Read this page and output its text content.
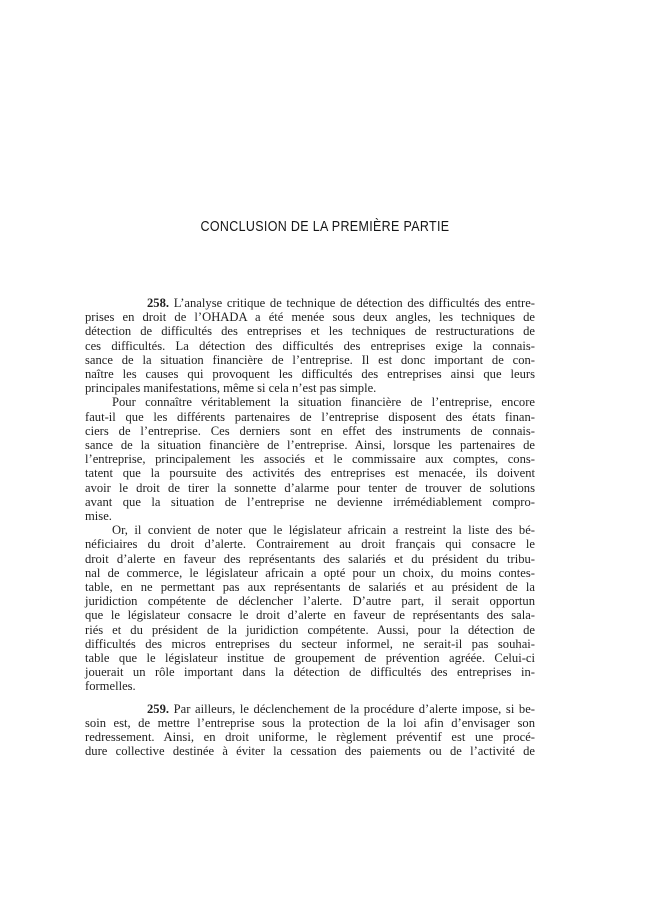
CONCLUSION DE LA PREMIÈRE PARTIE
258. L’analyse critique de technique de détection des difficultés des entre-
prises en droit de l’OHADA a été menée sous deux angles, les techniques de
détection de difficultés des entreprises et les techniques de restructurations de
ces difficultés. La détection des difficultés des entreprises exige la connais-
sance de la situation financière de l’entreprise. Il est donc important de con-
naître les causes qui provoquent les difficultés des entreprises ainsi que leurs
principales manifestations, même si cela n’est pas simple.
Pour connaître véritablement la situation financière de l’entreprise, encore
faut-il que les différents partenaires de l’entreprise disposent des états finan-
ciers de l’entreprise. Ces derniers sont en effet des instruments de connais-
sance de la situation financière de l’entreprise. Ainsi, lorsque les partenaires de
l’entreprise, principalement les associés et le commissaire aux comptes, cons-
tatent que la poursuite des activités des entreprises est menacée, ils doivent
avoir le droit de tirer la sonnette d’alarme pour tenter de trouver de solutions
avant que la situation de l’entreprise ne devienne irrémédiablement compro-
mise.
Or, il convient de noter que le législateur africain a restreint la liste des bé-
néficiaires du droit d’alerte. Contrairement au droit français qui consacre le
droit d’alerte en faveur des représentants des salariés et du président du tribu-
nal de commerce, le législateur africain a opté pour un choix, du moins contes-
table, en ne permettant pas aux représentants de salariés et au président de la
juridiction compétente de déclencher l’alerte. D’autre part, il serait opportun
que le législateur consacre le droit d’alerte en faveur de représentants des sala-
riés et du président de la juridiction compétente. Aussi, pour la détection de
difficultés des micros entreprises du secteur informel, ne serait-il pas souhai-
table que le législateur institue de groupement de prévention agréée. Celui-ci
jouerait un rôle important dans la détection de difficultés des entreprises in-
formelles.
259. Par ailleurs, le déclenchement de la procédure d’alerte impose, si be-
soin est, de mettre l’entreprise sous la protection de la loi afin d’envisager son
redressement. Ainsi, en droit uniforme, le règlement préventif est une procé-
dure collective destinée à éviter la cessation des paiements ou de l’activité de
